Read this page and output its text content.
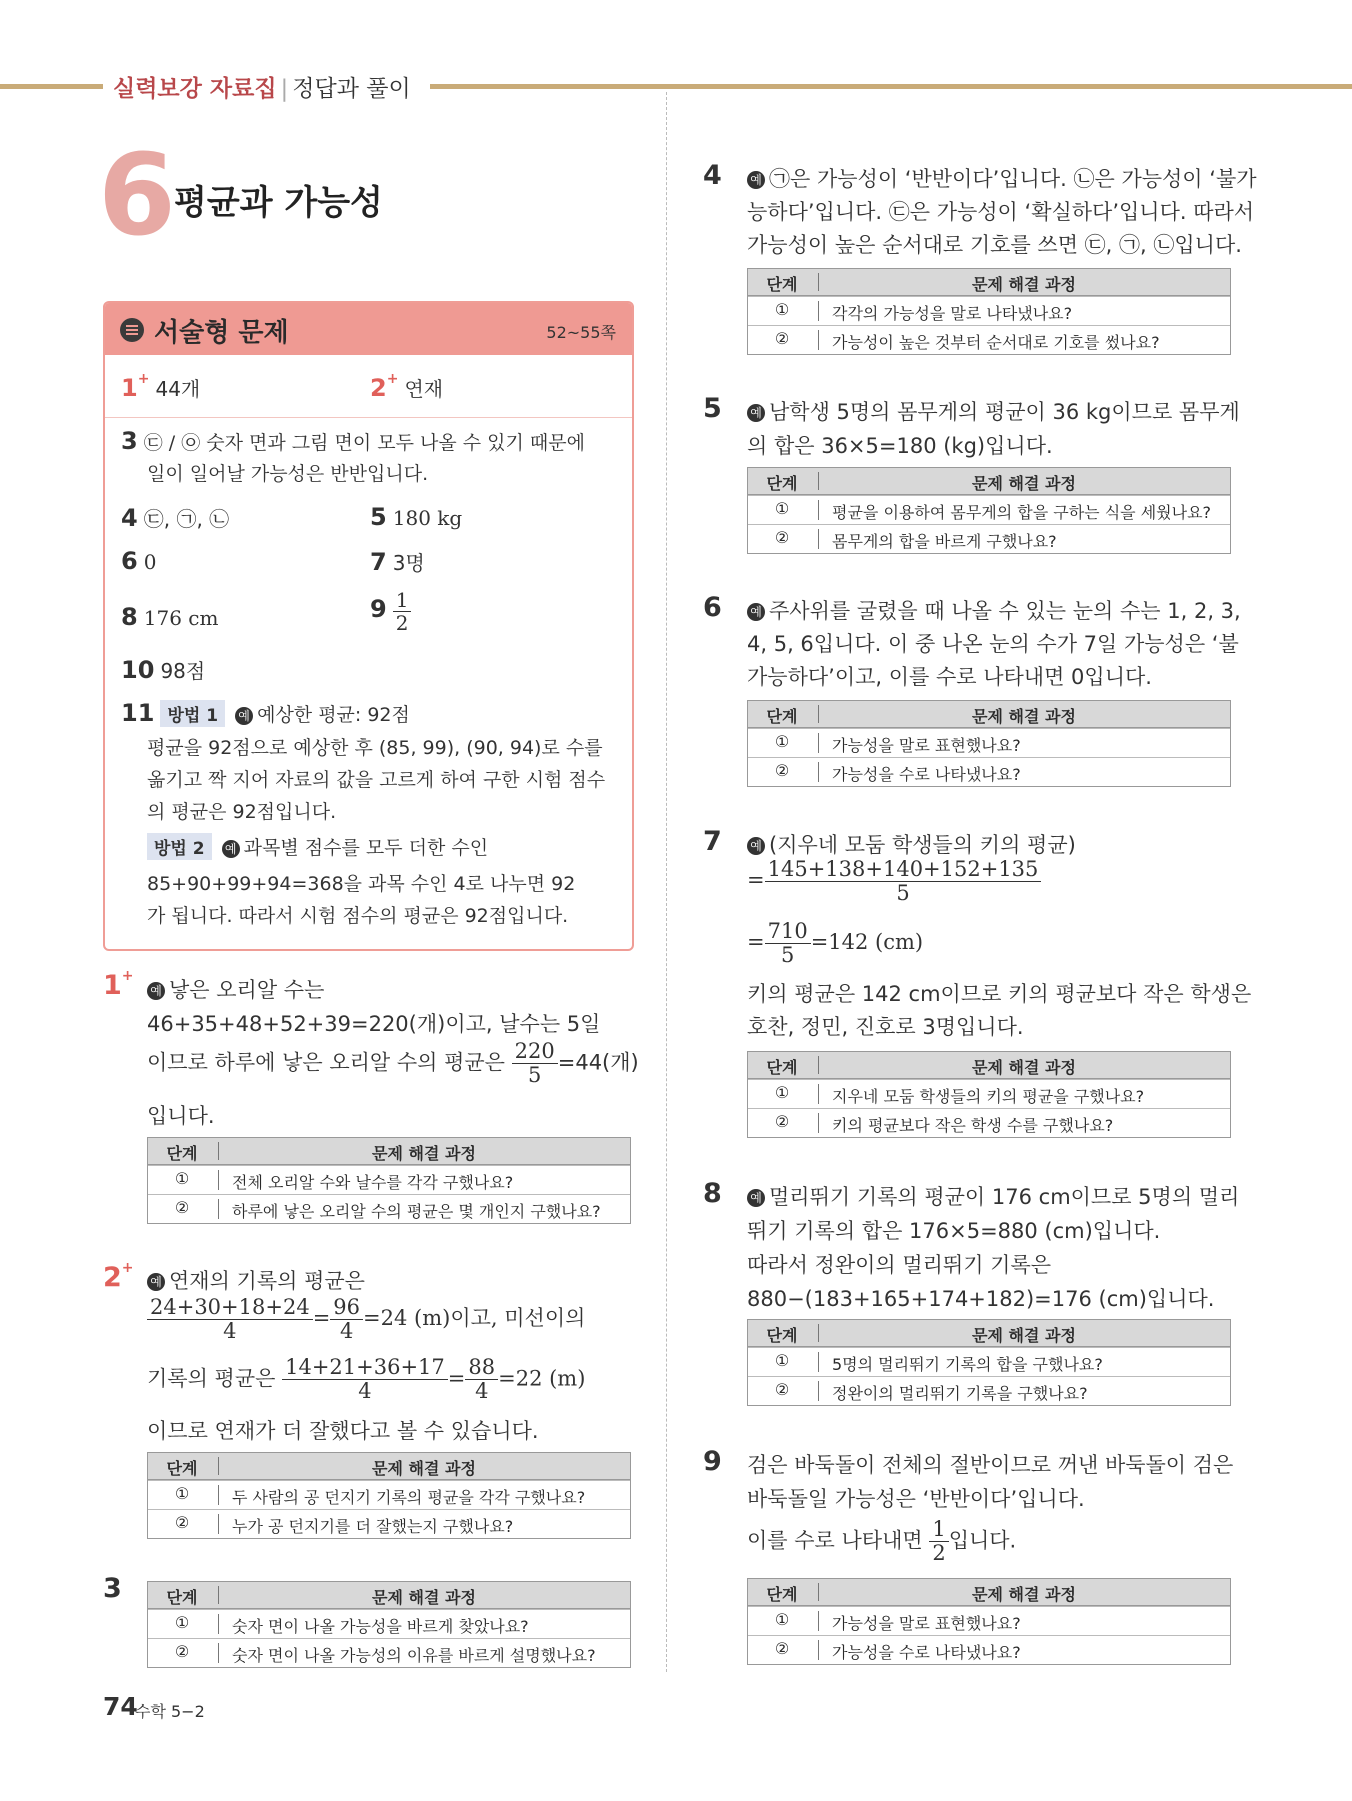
실력보강 자료집 | 정답과 풀이
6
평균과 가능성
서술형 문제	52~55쪽
1+ 44개	2+ 연재
3 ㉢ / ㉧ 숫자 면과 그림 면이 모두 나올 수 있기 때문에
일이 일어날 가능성은 반반입니다.
4 ㉢, ㉠, ㉡	5 180 kg
6 0	7 3명
8 176 cm	$9 \frac{1}{2}$
10 98점
11 방법 1 예 예상한 평균: 92점
평균을 92점으로 예상한 후 (85, 99), (90, 94)로 수를
옮기고 짝 지어 자료의 값을 고르게 하여 구한 시험 점수
의 평균은 92점입니다.
방법 2 예 과목별 점수를 모두 더한 수인
85+90+99+94=368을 과목 수인 4로 나누면 92
가 됩니다. 따라서 시험 점수의 평균은 92점입니다.
1+
예 낳은 오리알 수는
46+35+48+52+39=220(개)이고, 날수는 5일
이므로 하루에 낳은 오리알 수의 평균은 $\frac{220}{5} =44$(개)
입니다.
단계	문제 해결 과정
①	전체 오리알 수와 날수를 각각 구했나요?
②	하루에 낳은 오리알 수의 평균은 몇 개인지 구했나요?
2+
예 연재의 기록의 평균은
$\frac{24+30+18+24}{4} = \frac{96}{4} =24$ (m)이고, 미선이의
기록의 평균은 $\frac{14+21+36+17}{4} = \frac{88}{4} =22$ (m)
이므로 연재가 더 잘했다고 볼 수 있습니다.
단계	문제 해결 과정
①	두 사람의 공 던지기 기록의 평균을 각각 구했나요?
②	누가 공 던지기를 더 잘했는지 구했나요?
3	단계	문제 해결 과정
①	숫자 면이 나올 가능성을 바르게 찾았나요?
②	숫자 면이 나올 가능성의 이유를 바르게 설명했나요?
4 예 ㉠은 가능성이 ‘반반이다’입니다. ㉡은 가능성이 ‘불가
능하다’입니다. ㉢은 가능성이 ‘확실하다’입니다. 따라서
가능성이 높은 순서대로 기호를 쓰면 ㉢, ㉠, ㉡입니다.
단계	문제 해결 과정
①	각각의 가능성을 말로 나타냈나요?
②	가능성이 높은 것부터 순서대로 기호를 썼나요?
5 예 남학생 5명의 몸무게의 평균이 36 kg이므로 몸무게
의 합은 36×5=180 (kg)입니다.
단계	문제 해결 과정
①	평균을 이용하여 몸무게의 합을 구하는 식을 세웠나요?
②	몸무게의 합을 바르게 구했나요?
6 예 주사위를 굴렸을 때 나올 수 있는 눈의 수는 1, 2, 3,
4, 5, 6입니다. 이 중 나온 눈의 수가 7일 가능성은 ‘불
가능하다’이고, 이를 수로 나타내면 0입니다.
단계	문제 해결 과정
①	가능성을 말로 표현했나요?
②	가능성을 수로 나타냈나요?
7 예 (지우네 모둠 학생들의 키의 평균)
= $\frac{145+138+140+152+135}{5}$
= $\frac{710}{5} =142$ (cm)
키의 평균은 142 cm이므로 키의 평균보다 작은 학생은
호찬, 정민, 진호로 3명입니다.
단계	문제 해결 과정
①	지우네 모둠 학생들의 키의 평균을 구했나요?
②	키의 평균보다 작은 학생 수를 구했나요?
8 예 멀리뛰기 기록의 평균이 176 cm이므로 5명의 멀리
뛰기 기록의 합은 176×5=880 (cm)입니다.
따라서 정완이의 멀리뛰기 기록은
880−(183+165+174+182)=176 (cm)입니다.
단계	문제 해결 과정
①	5명의 멀리뛰기 기록의 합을 구했나요?
②	정완이의 멀리뛰기 기록을 구했나요?
9 검은 바둑돌이 전체의 절반이므로 꺼낸 바둑돌이 검은
바둑돌일 가능성은 ‘반반이다’입니다.
이를 수로 나타내면 $\frac{1}{2}$ 입니다.
단계	문제 해결 과정
①	가능성을 말로 표현했나요?
②	가능성을 수로 나타냈나요?
74
수학 5−2
